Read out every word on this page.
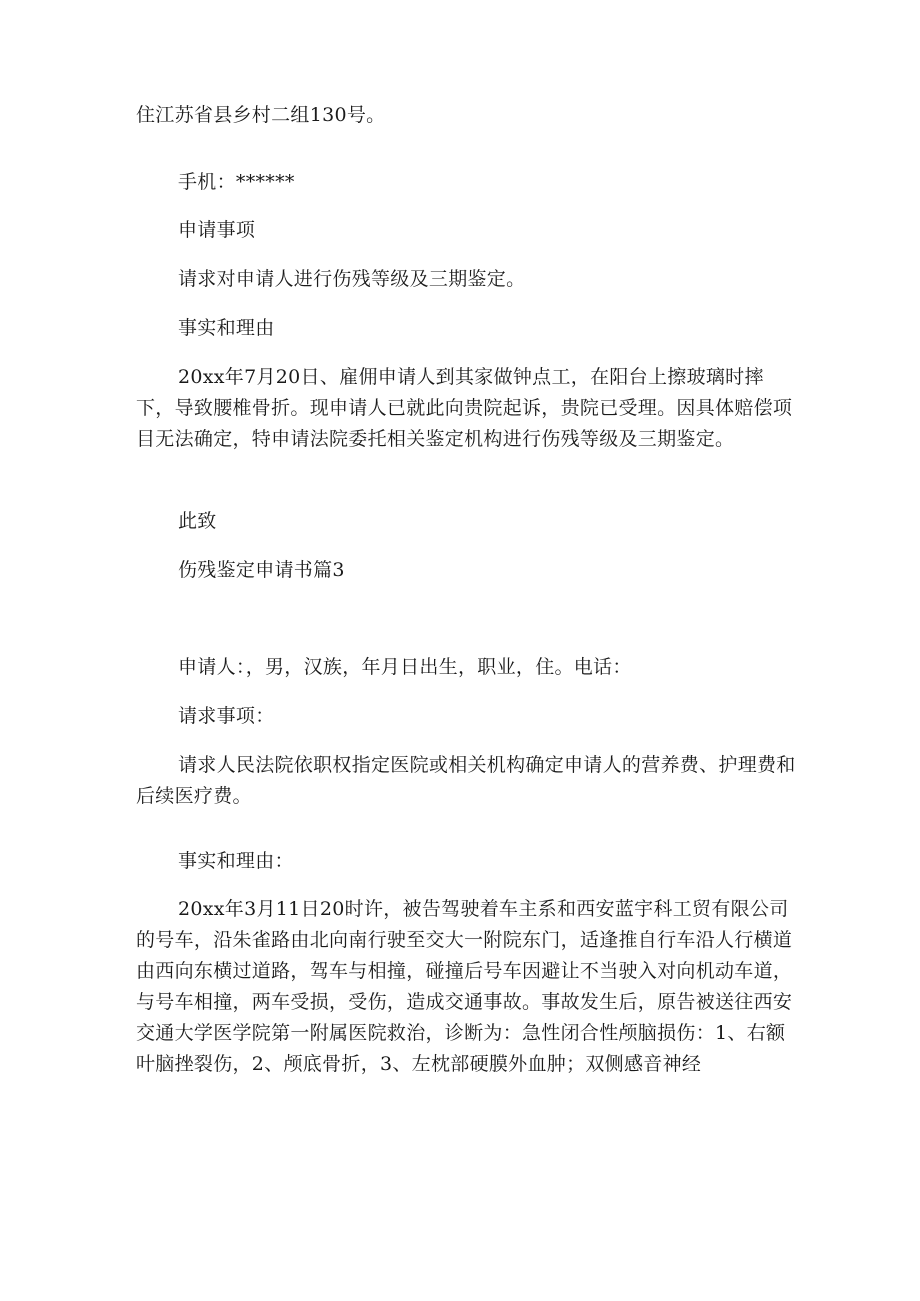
住江苏省县乡村二组130号。

手机：******

申请事项

请求对申请人进行伤残等级及三期鉴定。

事实和理由

20xx年7月20日、雇佣申请人到其家做钟点工，在阳台上擦玻璃时摔下，导致腰椎骨折。现申请人已就此向贵院起诉，贵院已受理。因具体赔偿项目无法确定，特申请法院委托相关鉴定机构进行伤残等级及三期鉴定。

此致

伤残鉴定申请书篇3

申请人：，男，汉族，年月日出生，职业，住。电话：

请求事项：

请求人民法院依职权指定医院或相关机构确定申请人的营养费、护理费和后续医疗费。

事实和理由：

20xx年3月11日20时许，被告驾驶着车主系和西安蓝宇科工贸有限公司的号车，沿朱雀路由北向南行驶至交大一附院东门，适逢推自行车沿人行横道由西向东横过道路，驾车与相撞，碰撞后号车因避让不当驶入对向机动车道，与号车相撞，两车受损，受伤，造成交通事故。事故发生后，原告被送往西安交通大学医学院第一附属医院救治，诊断为：急性闭合性颅脑损伤：1、右额叶脑挫裂伤，2、颅底骨折，3、左枕部硬膜外血肿；双侧感音神经
